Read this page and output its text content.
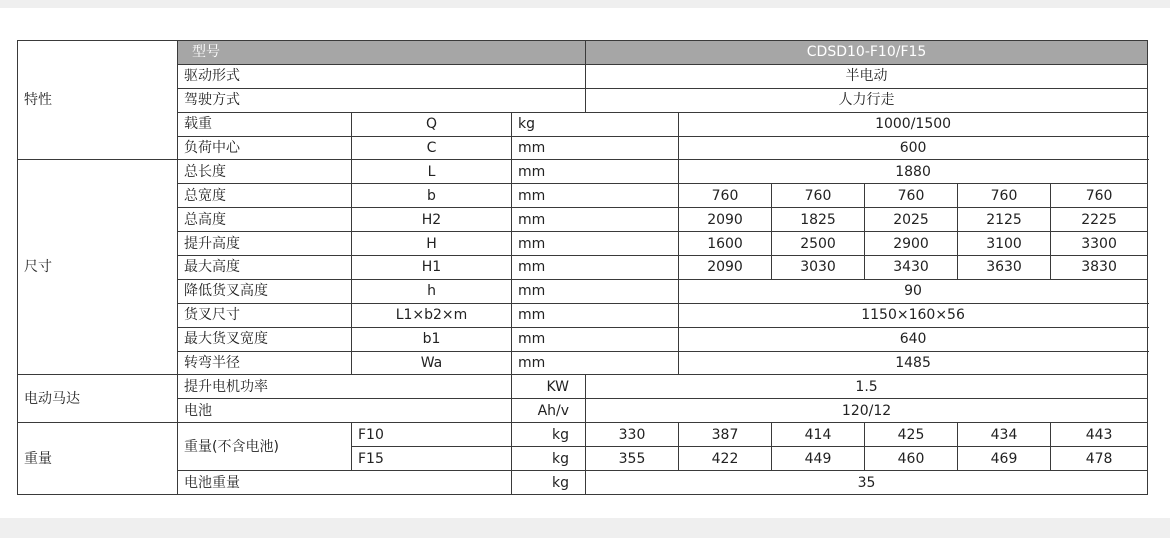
特性	型号			CDSD10-F10/F15						
	驱动形式			半电动						
	驾驶方式			人力行走						
	载重	Q	kg		1000/1500					
	负荷中心	C	mm		600					
尺寸	总长度	L	mm		1880					
	总宽度	b	mm		760	760	760	760	760	
	总高度	H2	mm		2090	1825	2025	2125	2225	
	提升高度	H	mm		1600	2500	2900	3100	3300	
	最大高度	H1	mm		2090	3030	3430	3630	3830	
	降低货叉高度	h	mm		90					
	货叉尺寸	L1×b2×m	mm		1150×160×56					
	最大货叉宽度	b1	mm		640					
	转弯半径	Wa	mm		1485					
电动马达	提升电机功率		KW	1.5						
	电池		Ah/v	120/12						
重量	重量(不含电池)	F10	kg	330	387	414	425	434	443	
		F15	kg	355	422	449	460	469	478	
	电池重量		kg	35						
